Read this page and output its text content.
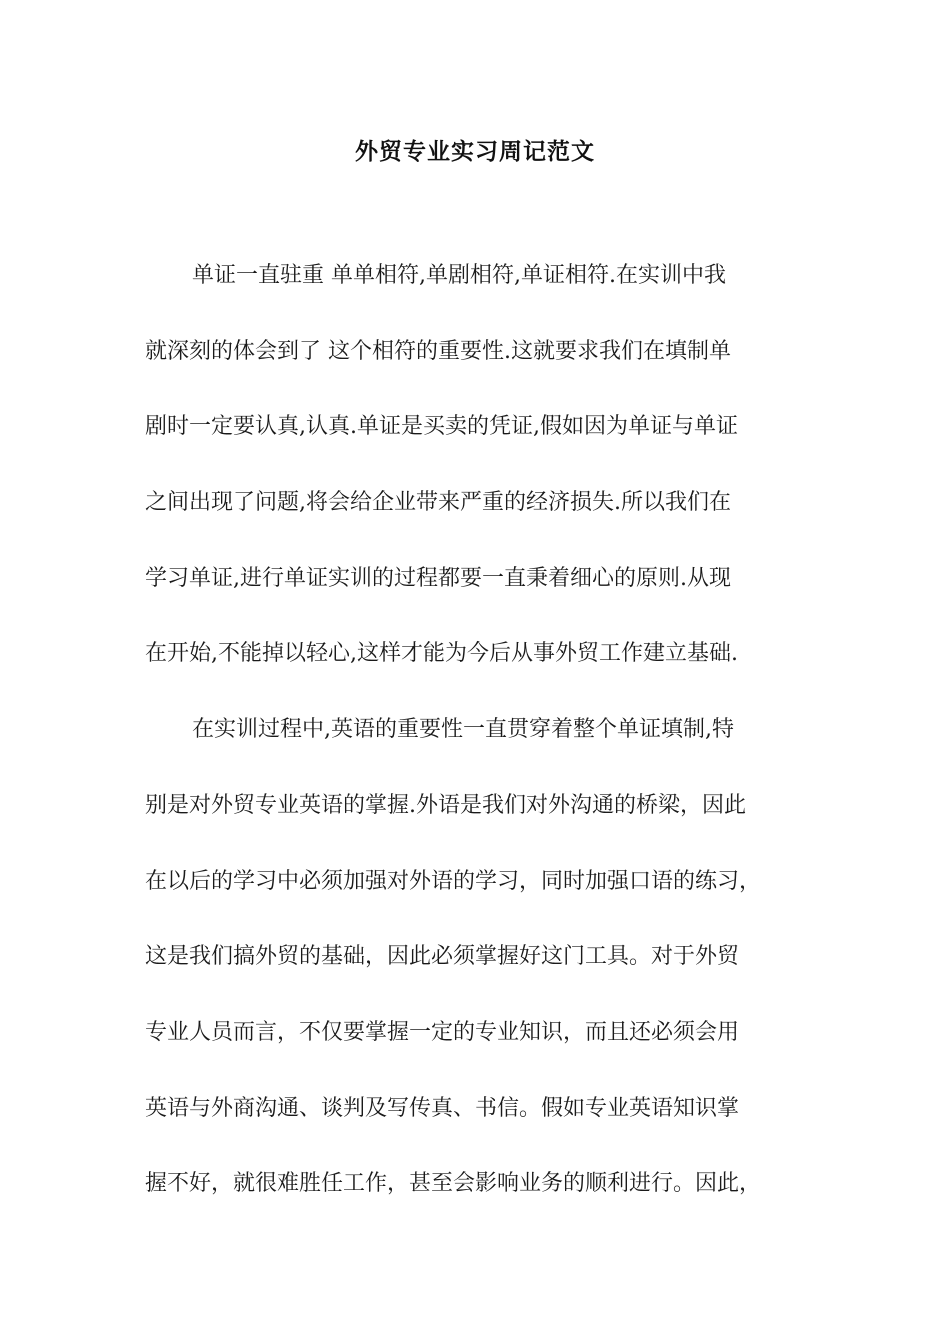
外贸专业实习周记范文
单证一直驻重 单单相符,单剧相符,单证相符.在实训中我
就深刻的体会到了 这个相符的重要性.这就要求我们在填制单
剧时一定要认真,认真.单证是买卖的凭证,假如因为单证与单证
之间出现了问题,将会给企业带来严重的经济损失.所以我们在
学习单证,进行单证实训的过程都要一直秉着细心的原则.从现
在开始,不能掉以轻心,这样才能为今后从事外贸工作建立基础.
在实训过程中,英语的重要性一直贯穿着整个单证填制,特
别是对外贸专业英语的掌握.外语是我们对外沟通的桥梁，因此
在以后的学习中必须加强对外语的学习，同时加强口语的练习，
这是我们搞外贸的基础，因此必须掌握好这门工具。对于外贸
专业人员而言，不仅要掌握一定的专业知识，而且还必须会用
英语与外商沟通、谈判及写传真、书信。假如专业英语知识掌
握不好，就很难胜任工作，甚至会影响业务的顺利进行。因此，
